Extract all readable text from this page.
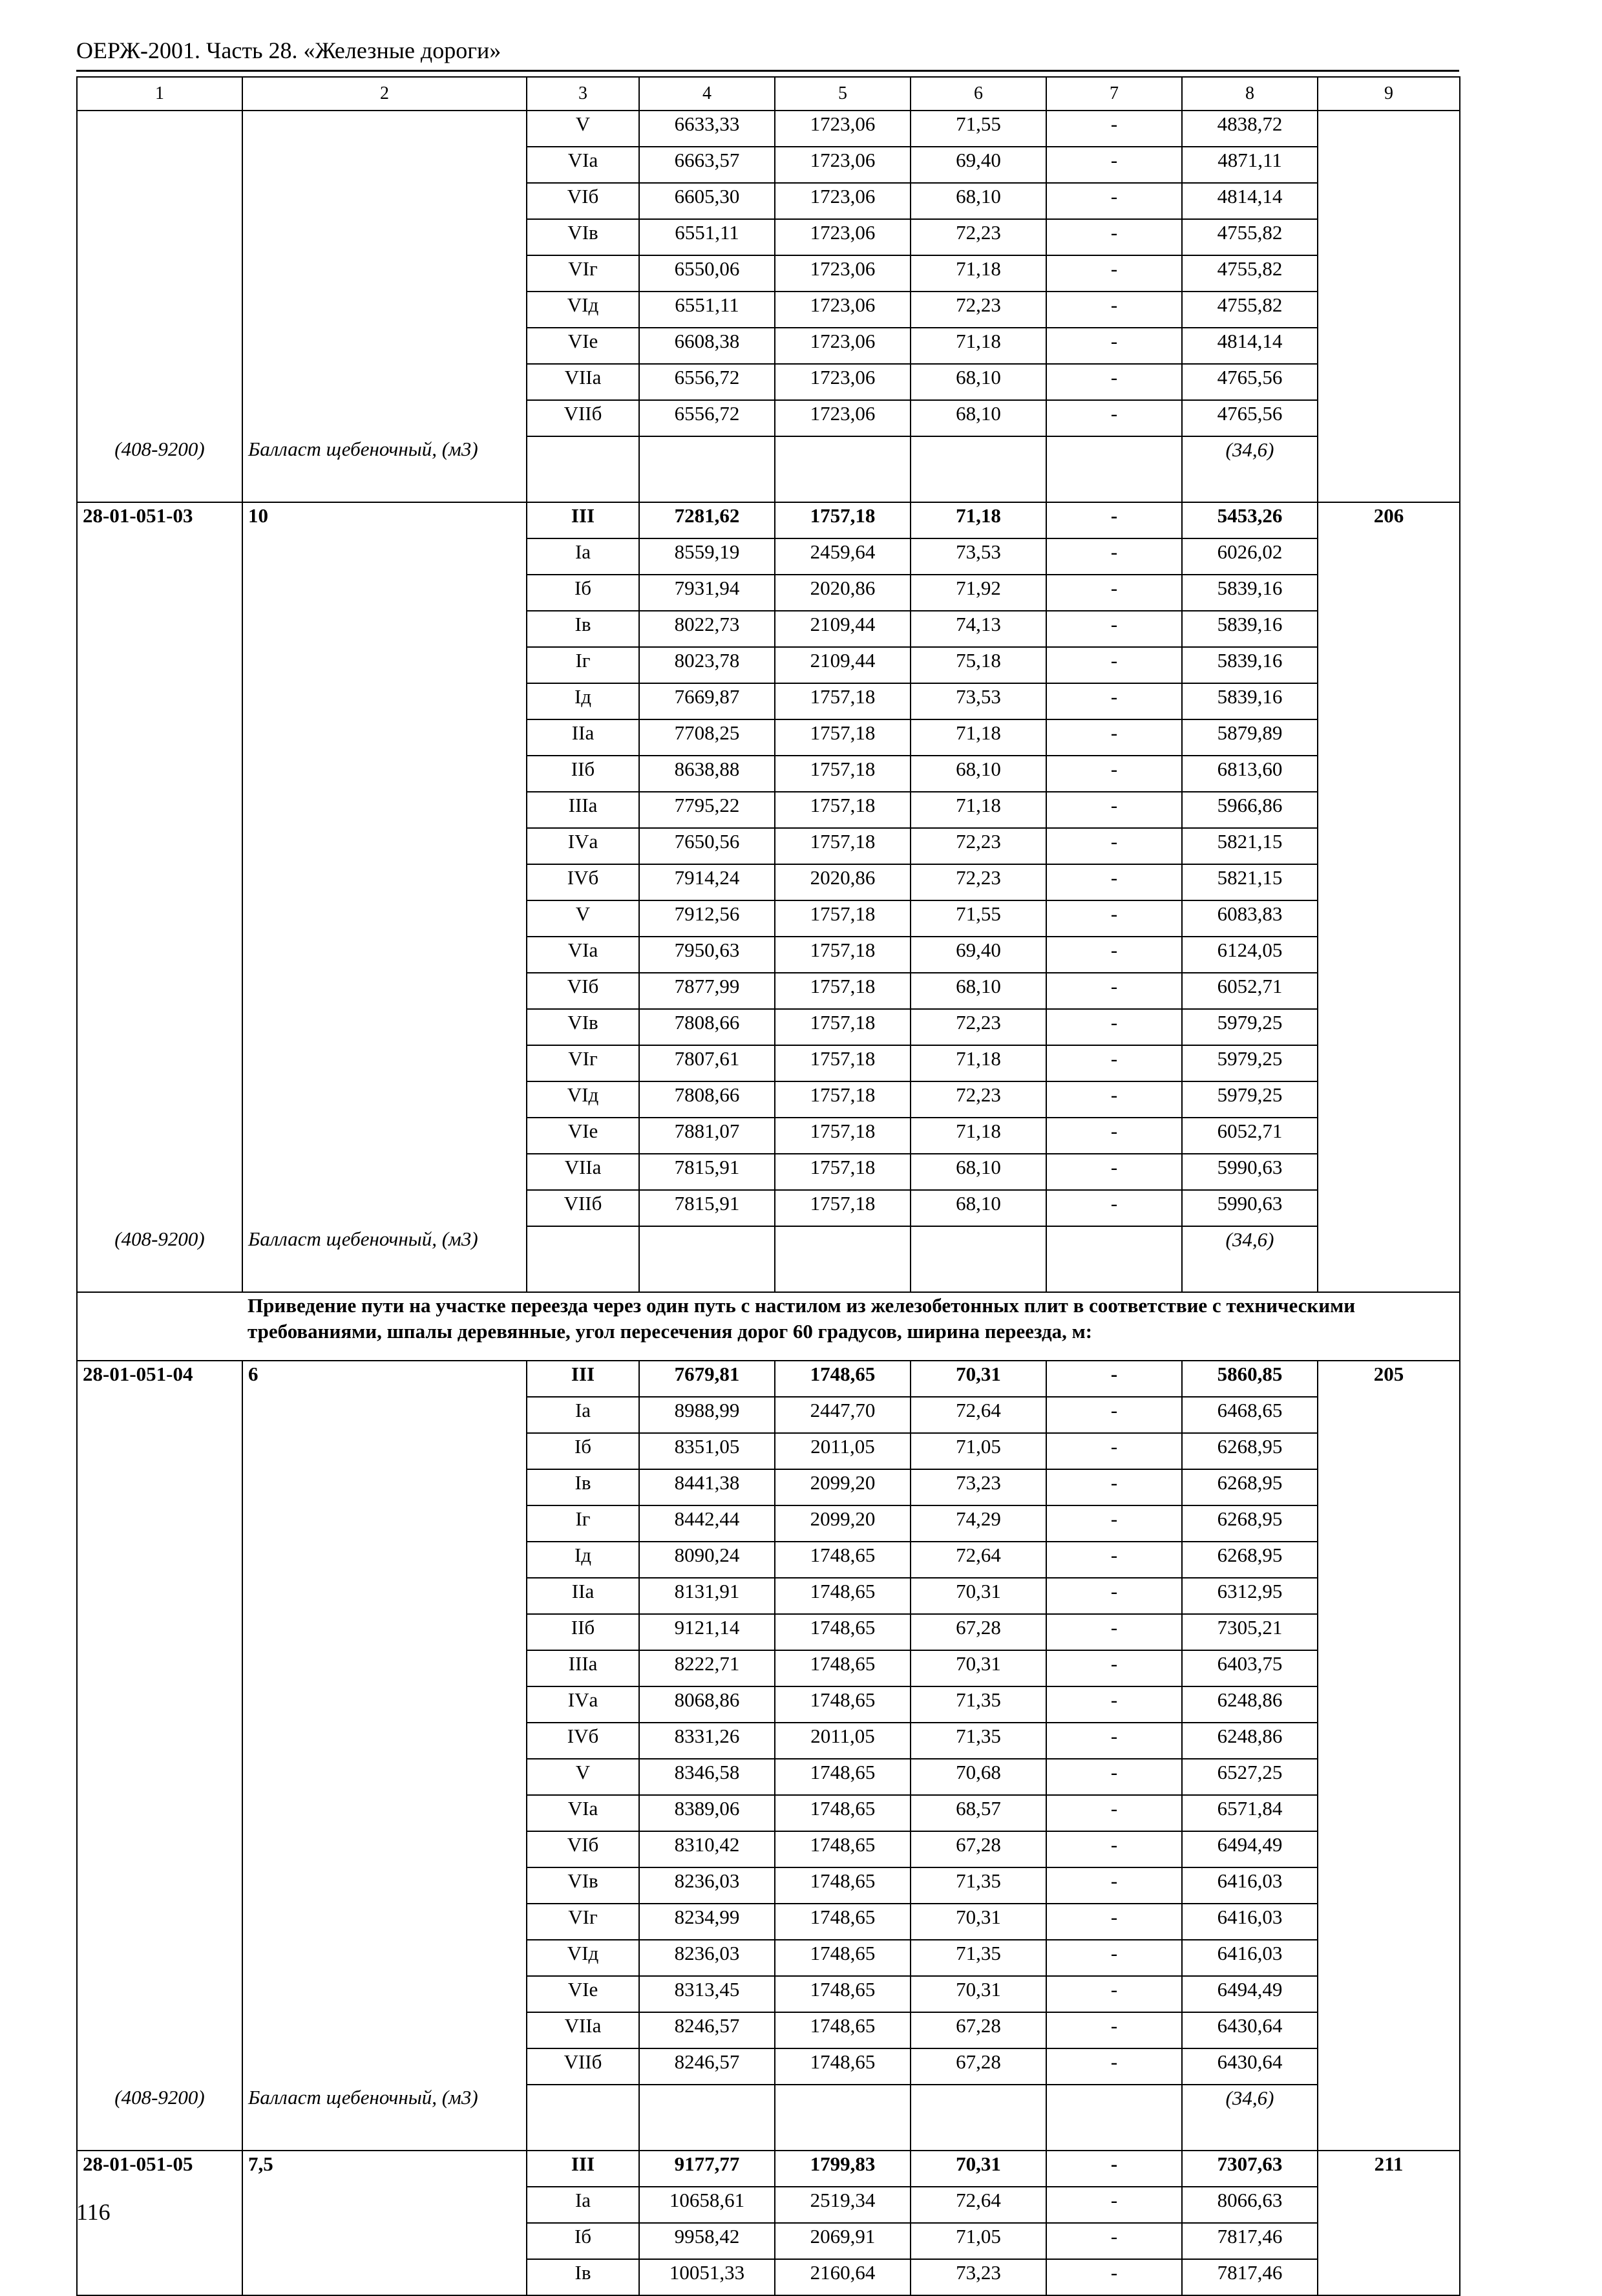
ОЕРЖ-2001. Часть 28. «Железные дороги»
1	2	3	4	5	6	7	8	9
		V	6633,33	1723,06	71,55	-	4838,72	
		VIа	6663,57	1723,06	69,40	-	4871,11	
		VIб	6605,30	1723,06	68,10	-	4814,14	
		VIв	6551,11	1723,06	72,23	-	4755,82	
		VIг	6550,06	1723,06	71,18	-	4755,82	
		VIд	6551,11	1723,06	72,23	-	4755,82	
		VIе	6608,38	1723,06	71,18	-	4814,14	
		VIIа	6556,72	1723,06	68,10	-	4765,56	
		VIIб	6556,72	1723,06	68,10	-	4765,56	
(408-9200)	Балласт щебеночный, (м3)						(34,6)	
28-01-051-03	10	III	7281,62	1757,18	71,18	-	5453,26	206
		Iа	8559,19	2459,64	73,53	-	6026,02	
		Iб	7931,94	2020,86	71,92	-	5839,16	
		Iв	8022,73	2109,44	74,13	-	5839,16	
		Iг	8023,78	2109,44	75,18	-	5839,16	
		Iд	7669,87	1757,18	73,53	-	5839,16	
		IIа	7708,25	1757,18	71,18	-	5879,89	
		IIб	8638,88	1757,18	68,10	-	6813,60	
		IIIа	7795,22	1757,18	71,18	-	5966,86	
		IVа	7650,56	1757,18	72,23	-	5821,15	
		IVб	7914,24	2020,86	72,23	-	5821,15	
		V	7912,56	1757,18	71,55	-	6083,83	
		VIа	7950,63	1757,18	69,40	-	6124,05	
		VIб	7877,99	1757,18	68,10	-	6052,71	
		VIв	7808,66	1757,18	72,23	-	5979,25	
		VIг	7807,61	1757,18	71,18	-	5979,25	
		VIд	7808,66	1757,18	72,23	-	5979,25	
		VIе	7881,07	1757,18	71,18	-	6052,71	
		VIIа	7815,91	1757,18	68,10	-	5990,63	
		VIIб	7815,91	1757,18	68,10	-	5990,63	
(408-9200)	Балласт щебеночный, (м3)						(34,6)	
	Приведение пути на участке переезда через один путь с настилом из железобетонных плит в соответствие с техническими требованиями, шпалы деревянные, угол пересечения дорог 60 градусов, ширина переезда, м:							
28-01-051-04	6	III	7679,81	1748,65	70,31	-	5860,85	205
		Iа	8988,99	2447,70	72,64	-	6468,65	
		Iб	8351,05	2011,05	71,05	-	6268,95	
		Iв	8441,38	2099,20	73,23	-	6268,95	
		Iг	8442,44	2099,20	74,29	-	6268,95	
		Iд	8090,24	1748,65	72,64	-	6268,95	
		IIа	8131,91	1748,65	70,31	-	6312,95	
		IIб	9121,14	1748,65	67,28	-	7305,21	
		IIIа	8222,71	1748,65	70,31	-	6403,75	
		IVа	8068,86	1748,65	71,35	-	6248,86	
		IVб	8331,26	2011,05	71,35	-	6248,86	
		V	8346,58	1748,65	70,68	-	6527,25	
		VIа	8389,06	1748,65	68,57	-	6571,84	
		VIб	8310,42	1748,65	67,28	-	6494,49	
		VIв	8236,03	1748,65	71,35	-	6416,03	
		VIг	8234,99	1748,65	70,31	-	6416,03	
		VIд	8236,03	1748,65	71,35	-	6416,03	
		VIе	8313,45	1748,65	70,31	-	6494,49	
		VIIа	8246,57	1748,65	67,28	-	6430,64	
		VIIб	8246,57	1748,65	67,28	-	6430,64	
(408-9200)	Балласт щебеночный, (м3)						(34,6)	
28-01-051-05	7,5	III	9177,77	1799,83	70,31	-	7307,63	211
		Iа	10658,61	2519,34	72,64	-	8066,63	
		Iб	9958,42	2069,91	71,05	-	7817,46	
		Iв	10051,33	2160,64	73,23	-	7817,46	
116
